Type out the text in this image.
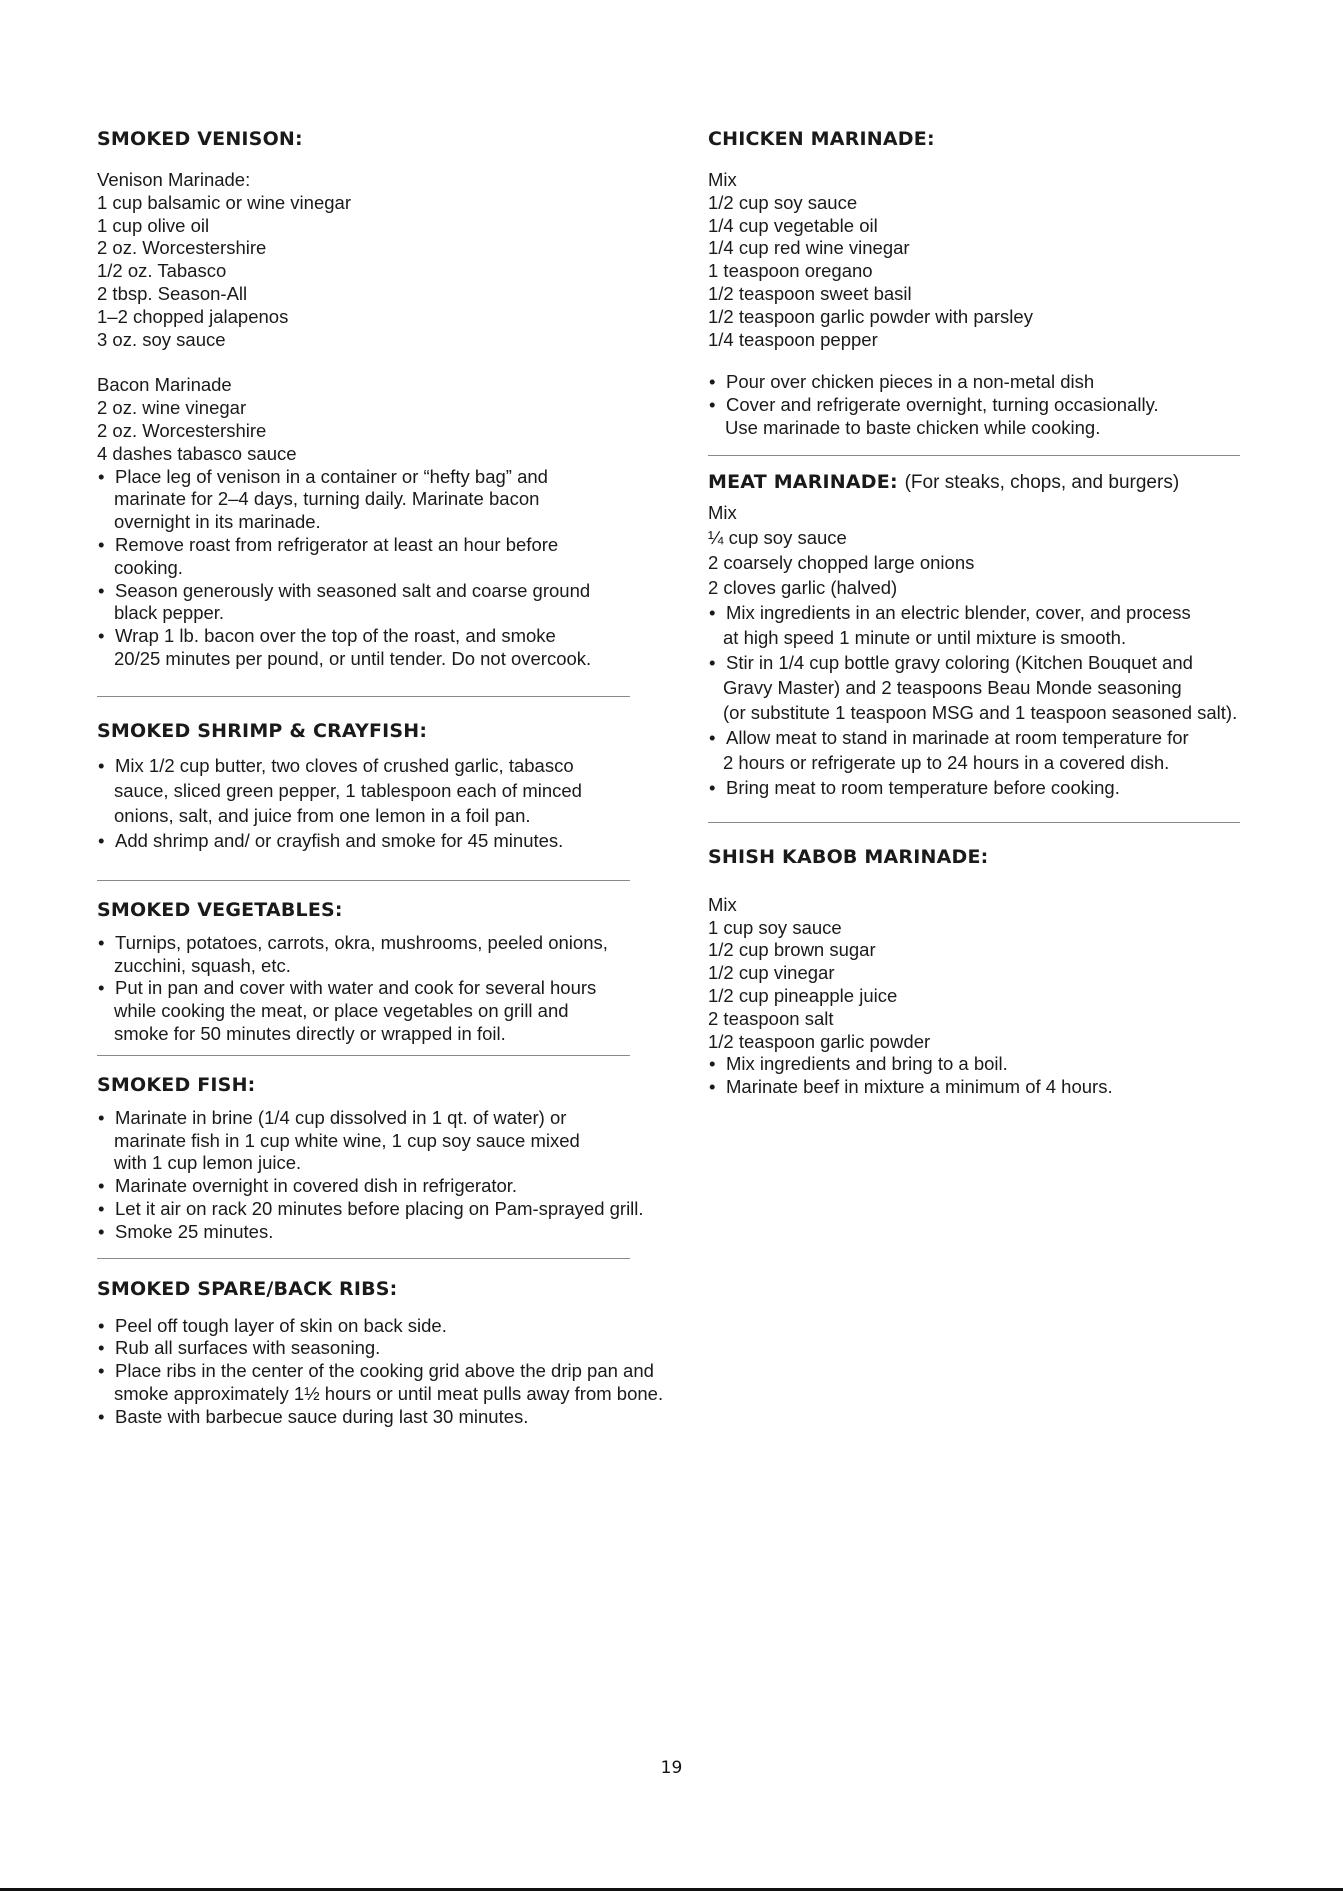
SMOKED VENISON:
Venison Marinade:
1 cup balsamic or wine vinegar
1 cup olive oil
2 oz. Worcestershire
1/2 oz. Tabasco
2 tbsp. Season-All
1–2 chopped jalapenos
3 oz. soy sauce
Bacon Marinade
2 oz. wine vinegar
2 oz. Worcestershire
4 dashes tabasco sauce
• Place leg of venison in a container or “hefty bag” and
marinate for 2–4 days, turning daily. Marinate bacon
overnight in its marinade.
• Remove roast from refrigerator at least an hour before
cooking.
• Season generously with seasoned salt and coarse ground
black pepper.
• Wrap 1 lb. bacon over the top of the roast, and smoke
20/25 minutes per pound, or until tender. Do not overcook.
SMOKED SHRIMP & CRAYFISH:
• Mix 1/2 cup butter, two cloves of crushed garlic, tabasco
sauce, sliced green pepper, 1 tablespoon each of minced
onions, salt, and juice from one lemon in a foil pan.
• Add shrimp and/ or crayfish and smoke for 45 minutes.
SMOKED VEGETABLES:
• Turnips, potatoes, carrots, okra, mushrooms, peeled onions,
zucchini, squash, etc.
• Put in pan and cover with water and cook for several hours
while cooking the meat, or place vegetables on grill and
smoke for 50 minutes directly or wrapped in foil.
SMOKED FISH:
• Marinate in brine (1/4 cup dissolved in 1 qt. of water) or
marinate fish in 1 cup white wine, 1 cup soy sauce mixed
with 1 cup lemon juice.
• Marinate overnight in covered dish in refrigerator.
• Let it air on rack 20 minutes before placing on Pam-sprayed grill.
• Smoke 25 minutes.
SMOKED SPARE/BACK RIBS:
• Peel off tough layer of skin on back side.
• Rub all surfaces with seasoning.
• Place ribs in the center of the cooking grid above the drip pan and
smoke approximately 1½ hours or until meat pulls away from bone.
• Baste with barbecue sauce during last 30 minutes.
CHICKEN MARINADE:
Mix
1/2 cup soy sauce
1/4 cup vegetable oil
1/4 cup red wine vinegar
1 teaspoon oregano
1/2 teaspoon sweet basil
1/2 teaspoon garlic powder with parsley
1/4 teaspoon pepper
• Pour over chicken pieces in a non-metal dish
• Cover and refrigerate overnight, turning occasionally.
Use marinade to baste chicken while cooking.
MEAT MARINADE: (For steaks, chops, and burgers)
Mix
¼ cup soy sauce
2 coarsely chopped large onions
2 cloves garlic (halved)
• Mix ingredients in an electric blender, cover, and process
at high speed 1 minute or until mixture is smooth.
• Stir in 1/4 cup bottle gravy coloring (Kitchen Bouquet and
Gravy Master) and 2 teaspoons Beau Monde seasoning
(or substitute 1 teaspoon MSG and 1 teaspoon seasoned salt).
• Allow meat to stand in marinade at room temperature for
2 hours or refrigerate up to 24 hours in a covered dish.
• Bring meat to room temperature before cooking.
SHISH KABOB MARINADE:
Mix
1 cup soy sauce
1/2 cup brown sugar
1/2 cup vinegar
1/2 cup pineapple juice
2 teaspoon salt
1/2 teaspoon garlic powder
• Mix ingredients and bring to a boil.
• Marinate beef in mixture a minimum of 4 hours.
19
